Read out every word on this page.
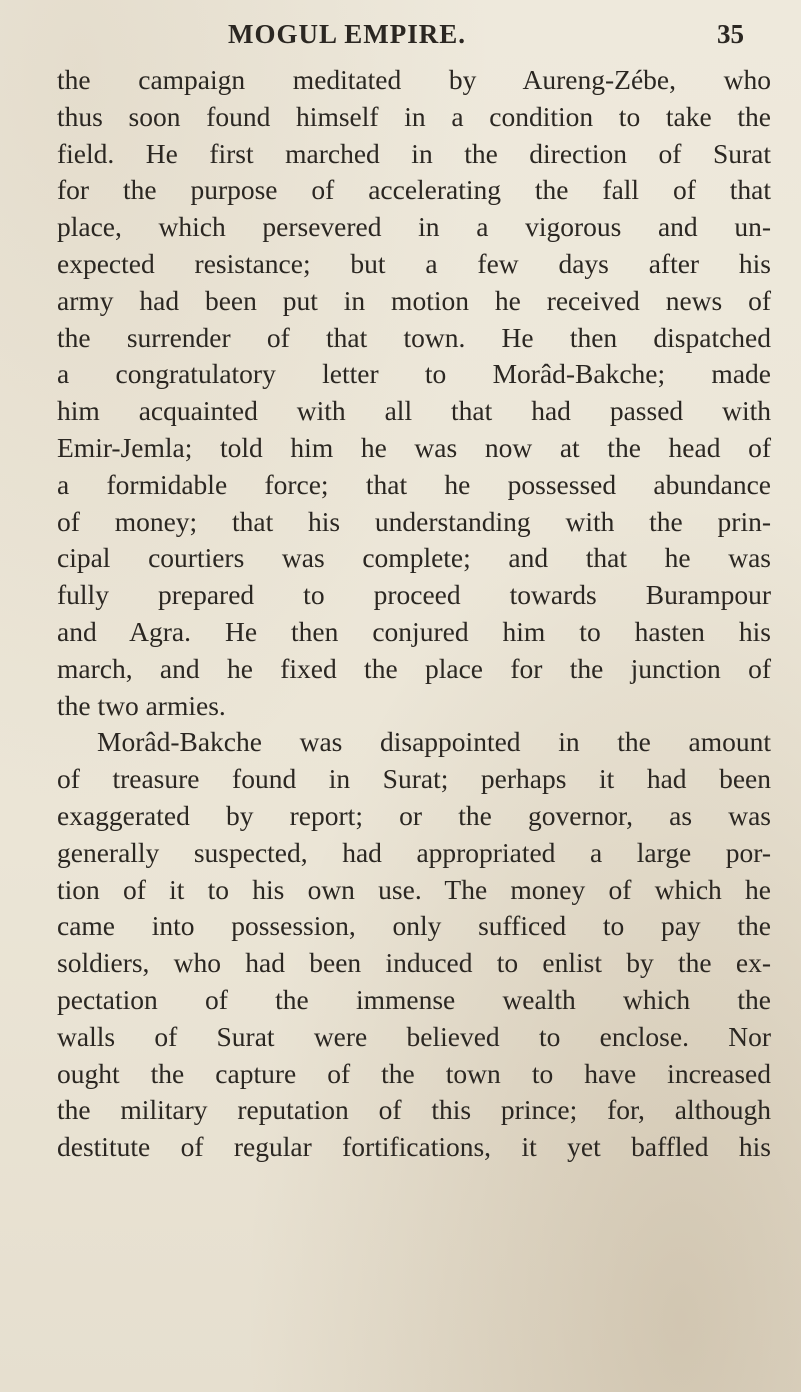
MOGUL EMPIRE.	35
the campaign meditated by Aureng-Zébe, who
thus soon found himself in a condition to take the
field. He first marched in the direction of Surat
for the purpose of accelerating the fall of that
place, which persevered in a vigorous and un-
expected resistance; but a few days after his
army had been put in motion he received news of
the surrender of that town. He then dispatched
a congratulatory letter to Morâd-Bakche; made
him acquainted with all that had passed with
Emir-Jemla; told him he was now at the head of
a formidable force; that he possessed abundance
of money; that his understanding with the prin-
cipal courtiers was complete; and that he was
fully prepared to proceed towards Burampour
and Agra. He then conjured him to hasten his
march, and he fixed the place for the junction of
the two armies.
Morâd-Bakche was disappointed in the amount
of treasure found in Surat; perhaps it had been
exaggerated by report; or the governor, as was
generally suspected, had appropriated a large por-
tion of it to his own use. The money of which he
came into possession, only sufficed to pay the
soldiers, who had been induced to enlist by the ex-
pectation of the immense wealth which the
walls of Surat were believed to enclose. Nor
ought the capture of the town to have increased
the military reputation of this prince; for, although
destitute of regular fortifications, it yet baffled his
